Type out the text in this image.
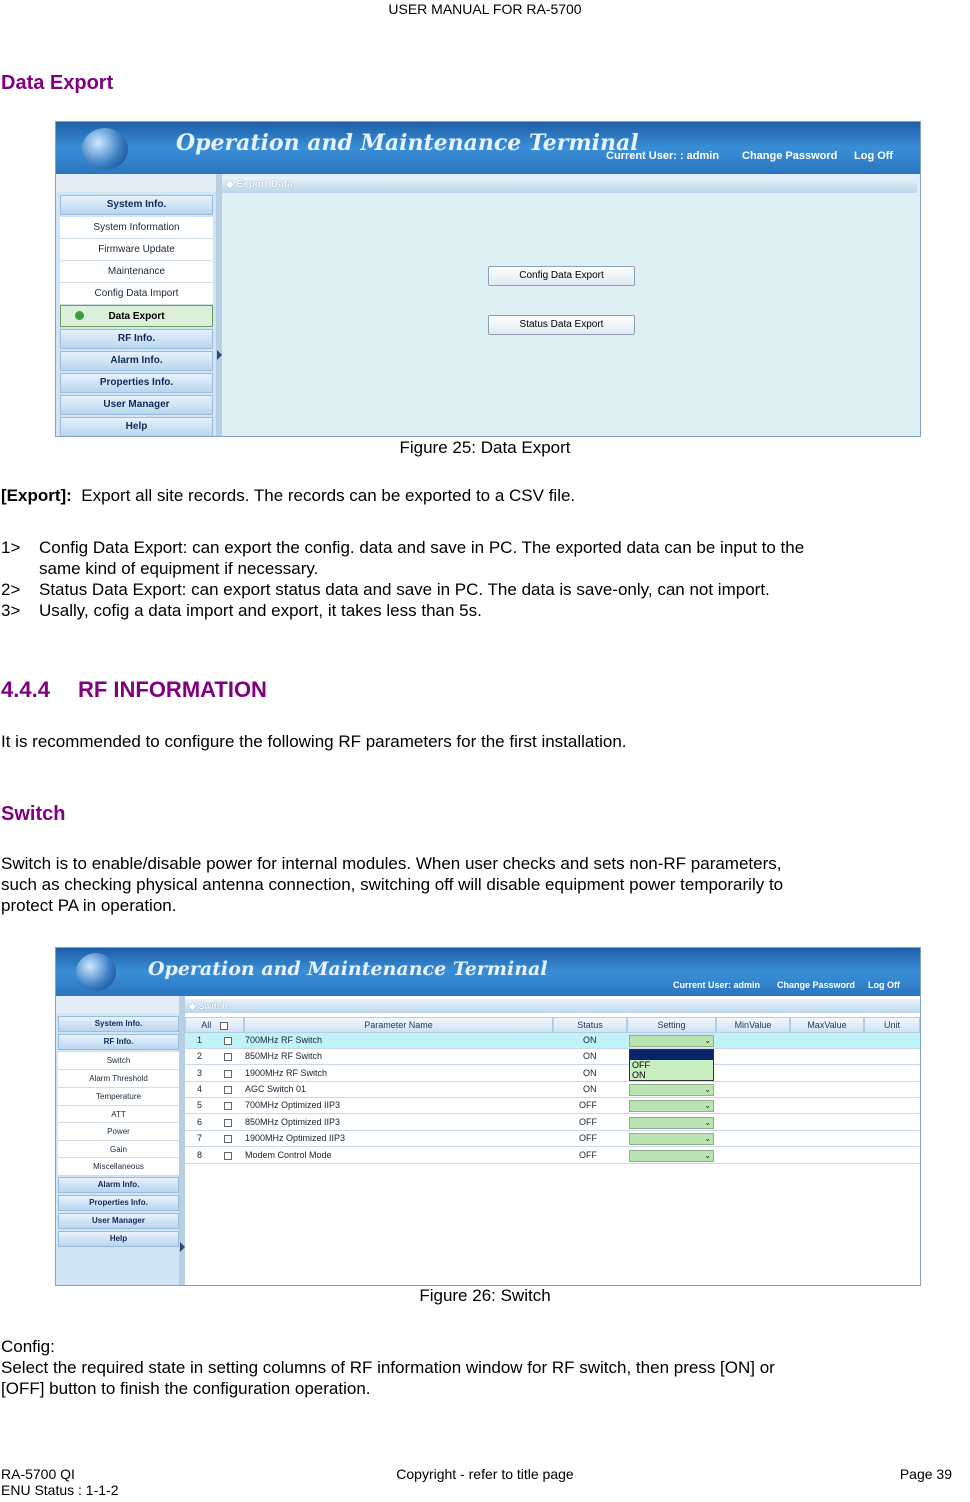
USER MANUAL FOR RA-5700
Data Export
Operation and Maintenance Terminal
Current User: : admin Change Password Log Off
System Info.
System Information
Firmware Update
Maintenance
Config Data Import
Data Export
RF Info.
Alarm Info.
Properties Info.
User Manager
Help
◆ Export Data
Config Data Export
Status Data Export
Figure 25: Data Export
[Export]: Export all site records. The records can be exported to a CSV file.
1> Config Data Export: can export the config. data and save in PC. The exported data can be input to the
same kind of equipment if necessary.
2> Status Data Export: can export status data and save in PC. The data is save-only, can not import.
3> Usally, cofig a data import and export, it takes less than 5s.
4.4.4 RF INFORMATION
It is recommended to configure the following RF parameters for the first installation.
Switch
Switch is to enable/disable power for internal modules. When user checks and sets non-RF parameters,
such as checking physical antenna connection, switching off will disable equipment power temporarily to
protect PA in operation.
Operation and Maintenance Terminal
Current User: admin Change Password Log Off
System Info.
RF Info.
Switch
Alarm Threshold
Temperature
ATT
Power
Gain
Miscellaneous
Alarm Info.
Properties Info.
User Manager
Help
◆ Switch
All	Parameter Name	Status	Setting	MinValue	MaxValue	Unit
1	700MHz RF Switch	ON	⌄
2	850MHz RF Switch	ON
3	1900MHz RF Switch	ON
4	AGC Switch 01	ON	⌄
5	700MHz Optimized IIP3	OFF	⌄
6	850MHz Optimized IIP3	OFF	⌄
7	1900MHz Optimized IIP3	OFF	⌄
8	Modem Control Mode	OFF	⌄
OFF
ON
Figure 26: Switch
Config:
Select the required state in setting columns of RF information window for RF switch, then press [ON] or
[OFF] button to finish the configuration operation.
RA-5700 QI
ENU Status : 1-1-2
Copyright - refer to title page	Page 39
